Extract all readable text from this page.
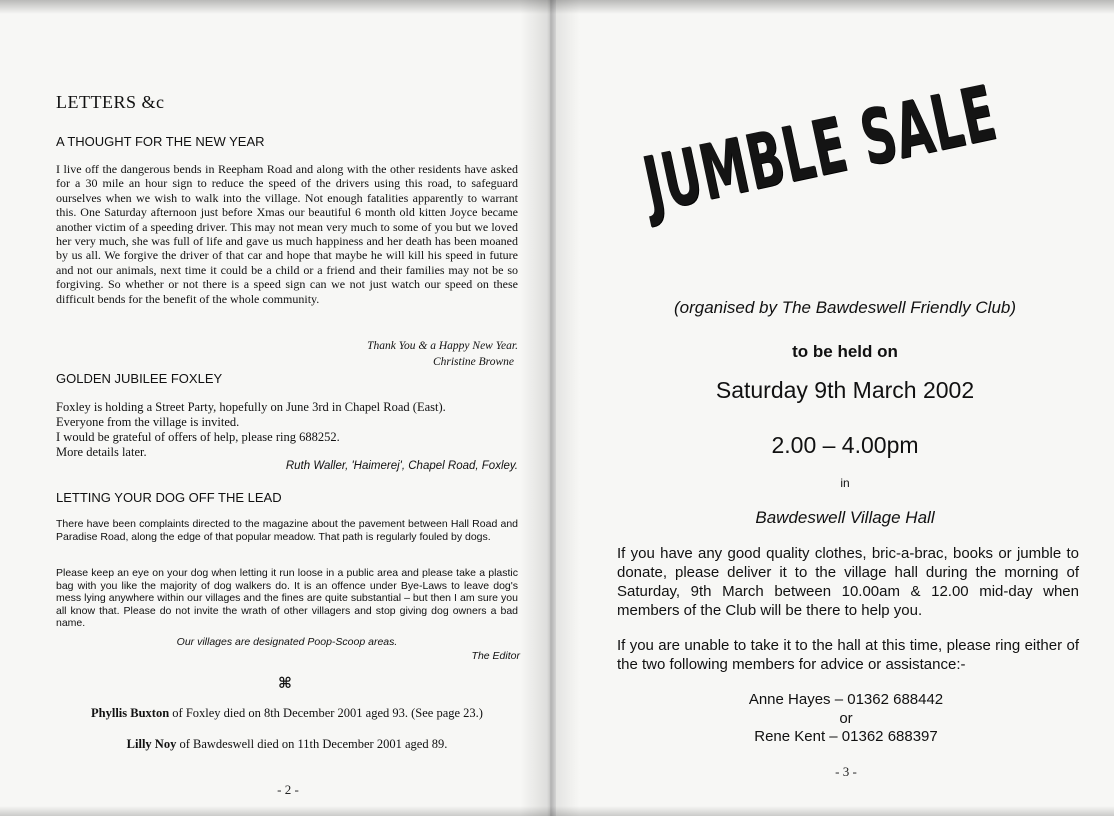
LETTERS &c
A THOUGHT FOR THE NEW YEAR
I live off the dangerous bends in Reepham Road and along with the other residents have asked for a 30 mile an hour sign to reduce the speed of the drivers using this road, to safeguard ourselves when we wish to walk into the village. Not enough fatalities apparently to warrant this. One Saturday afternoon just before Xmas our beautiful 6 month old kitten Joyce became another victim of a speeding driver. This may not mean very much to some of you but we loved her very much, she was full of life and gave us much happiness and her death has been moaned by us all. We forgive the driver of that car and hope that maybe he will kill his speed in future and not our animals, next time it could be a child or a friend and their families may not be so forgiving. So whether or not there is a speed sign can we not just watch our speed on these difficult bends for the benefit of the whole community.
Thank You & a Happy New Year.
Christine Browne
GOLDEN JUBILEE FOXLEY
Foxley is holding a Street Party, hopefully on June 3rd in Chapel Road (East).
Everyone from the village is invited.
I would be grateful of offers of help, please ring 688252.
More details later.
Ruth Waller, 'Haimerej', Chapel Road, Foxley.
LETTING YOUR DOG OFF THE LEAD
There have been complaints directed to the magazine about the pavement between Hall Road and Paradise Road, along the edge of that popular meadow. That path is regularly fouled by dogs.
Please keep an eye on your dog when letting it run loose in a public area and please take a plastic bag with you like the majority of dog walkers do. It is an offence under Bye-Laws to leave dog's mess lying anywhere within our villages and the fines are quite substantial – but then I am sure you all know that. Please do not invite the wrath of other villagers and stop giving dog owners a bad name.
Our villages are designated Poop-Scoop areas.
The Editor
⌘
Phyllis Buxton of Foxley died on 8th December 2001 aged 93. (See page 23.)
Lilly Noy of Bawdeswell died on 11th December 2001 aged 89.
- 2 -
JUMBLE SALE
(organised by The Bawdeswell Friendly Club)
to be held on
Saturday 9th March 2002
2.00 – 4.00pm
in
Bawdeswell Village Hall
If you have any good quality clothes, bric-a-brac, books or jumble to donate, please deliver it to the village hall during the morning of Saturday, 9th March between 10.00am & 12.00 mid-day when members of the Club will be there to help you.
If you are unable to take it to the hall at this time, please ring either of the two following members for advice or assistance:-
Anne Hayes – 01362 688442
or
Rene Kent – 01362 688397
- 3 -
